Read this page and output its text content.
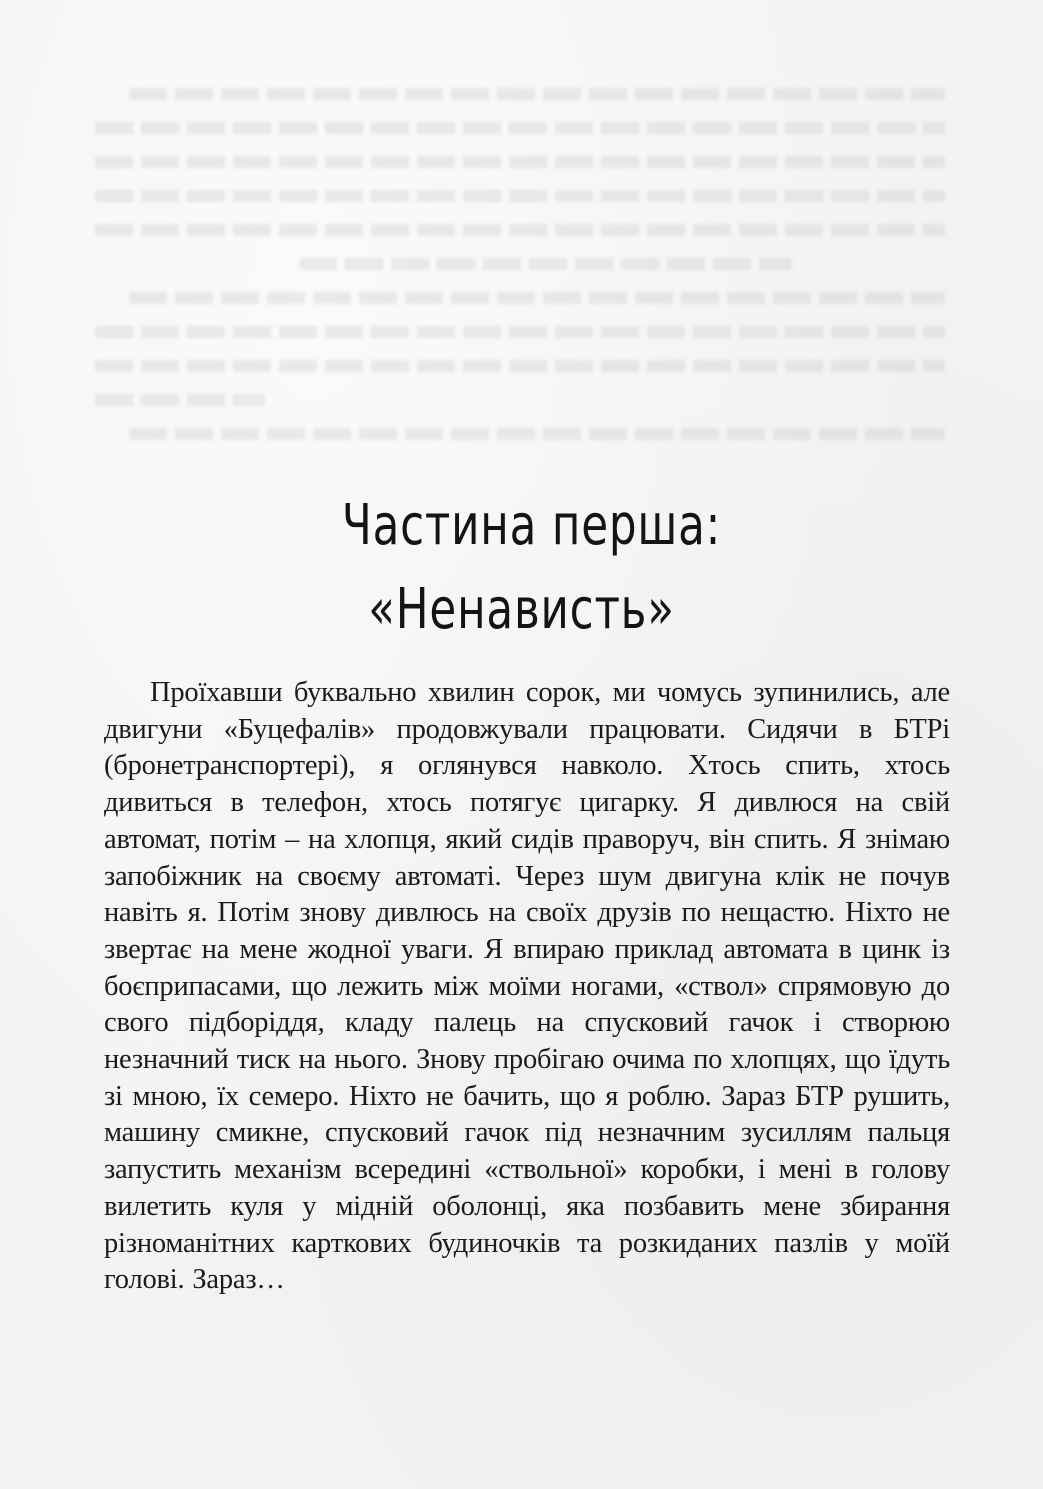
Частина перша:
«Ненависть»

Проїхавши буквально хвилин сорок, ми чомусь зупинились, але двигуни «Буцефалів» продовжували працювати. Сидячи в БТРі (бронетранспортері), я оглянувся навколо. Хтось спить, хтось дивиться в телефон, хтось потягує цигарку. Я дивлюся на свій автомат, потім – на хлопця, який сидів праворуч, він спить. Я знімаю запобіжник на своєму автоматі. Через шум двигуна клік не почув навіть я. Потім знову дивлюсь на своїх друзів по нещастю. Ніхто не звертає на мене жодної уваги. Я впираю приклад автомата в цинк із боєприпасами, що лежить між моїми ногами, «ствол» спрямовую до свого підборіддя, кладу палець на спусковий гачок і створюю незначний тиск на нього. Знову пробігаю очима по хлопцях, що їдуть зі мною, їх семеро. Ніхто не бачить, що я роблю. Зараз БТР рушить, машину смикне, спусковий гачок під незначним зусиллям пальця запустить механізм всередині «ствольної» коробки, і мені в голову вилетить куля у мідній оболонці, яка позбавить мене збирання різноманітних карткових будиночків та розкиданих пазлів у моїй голові. Зараз…
